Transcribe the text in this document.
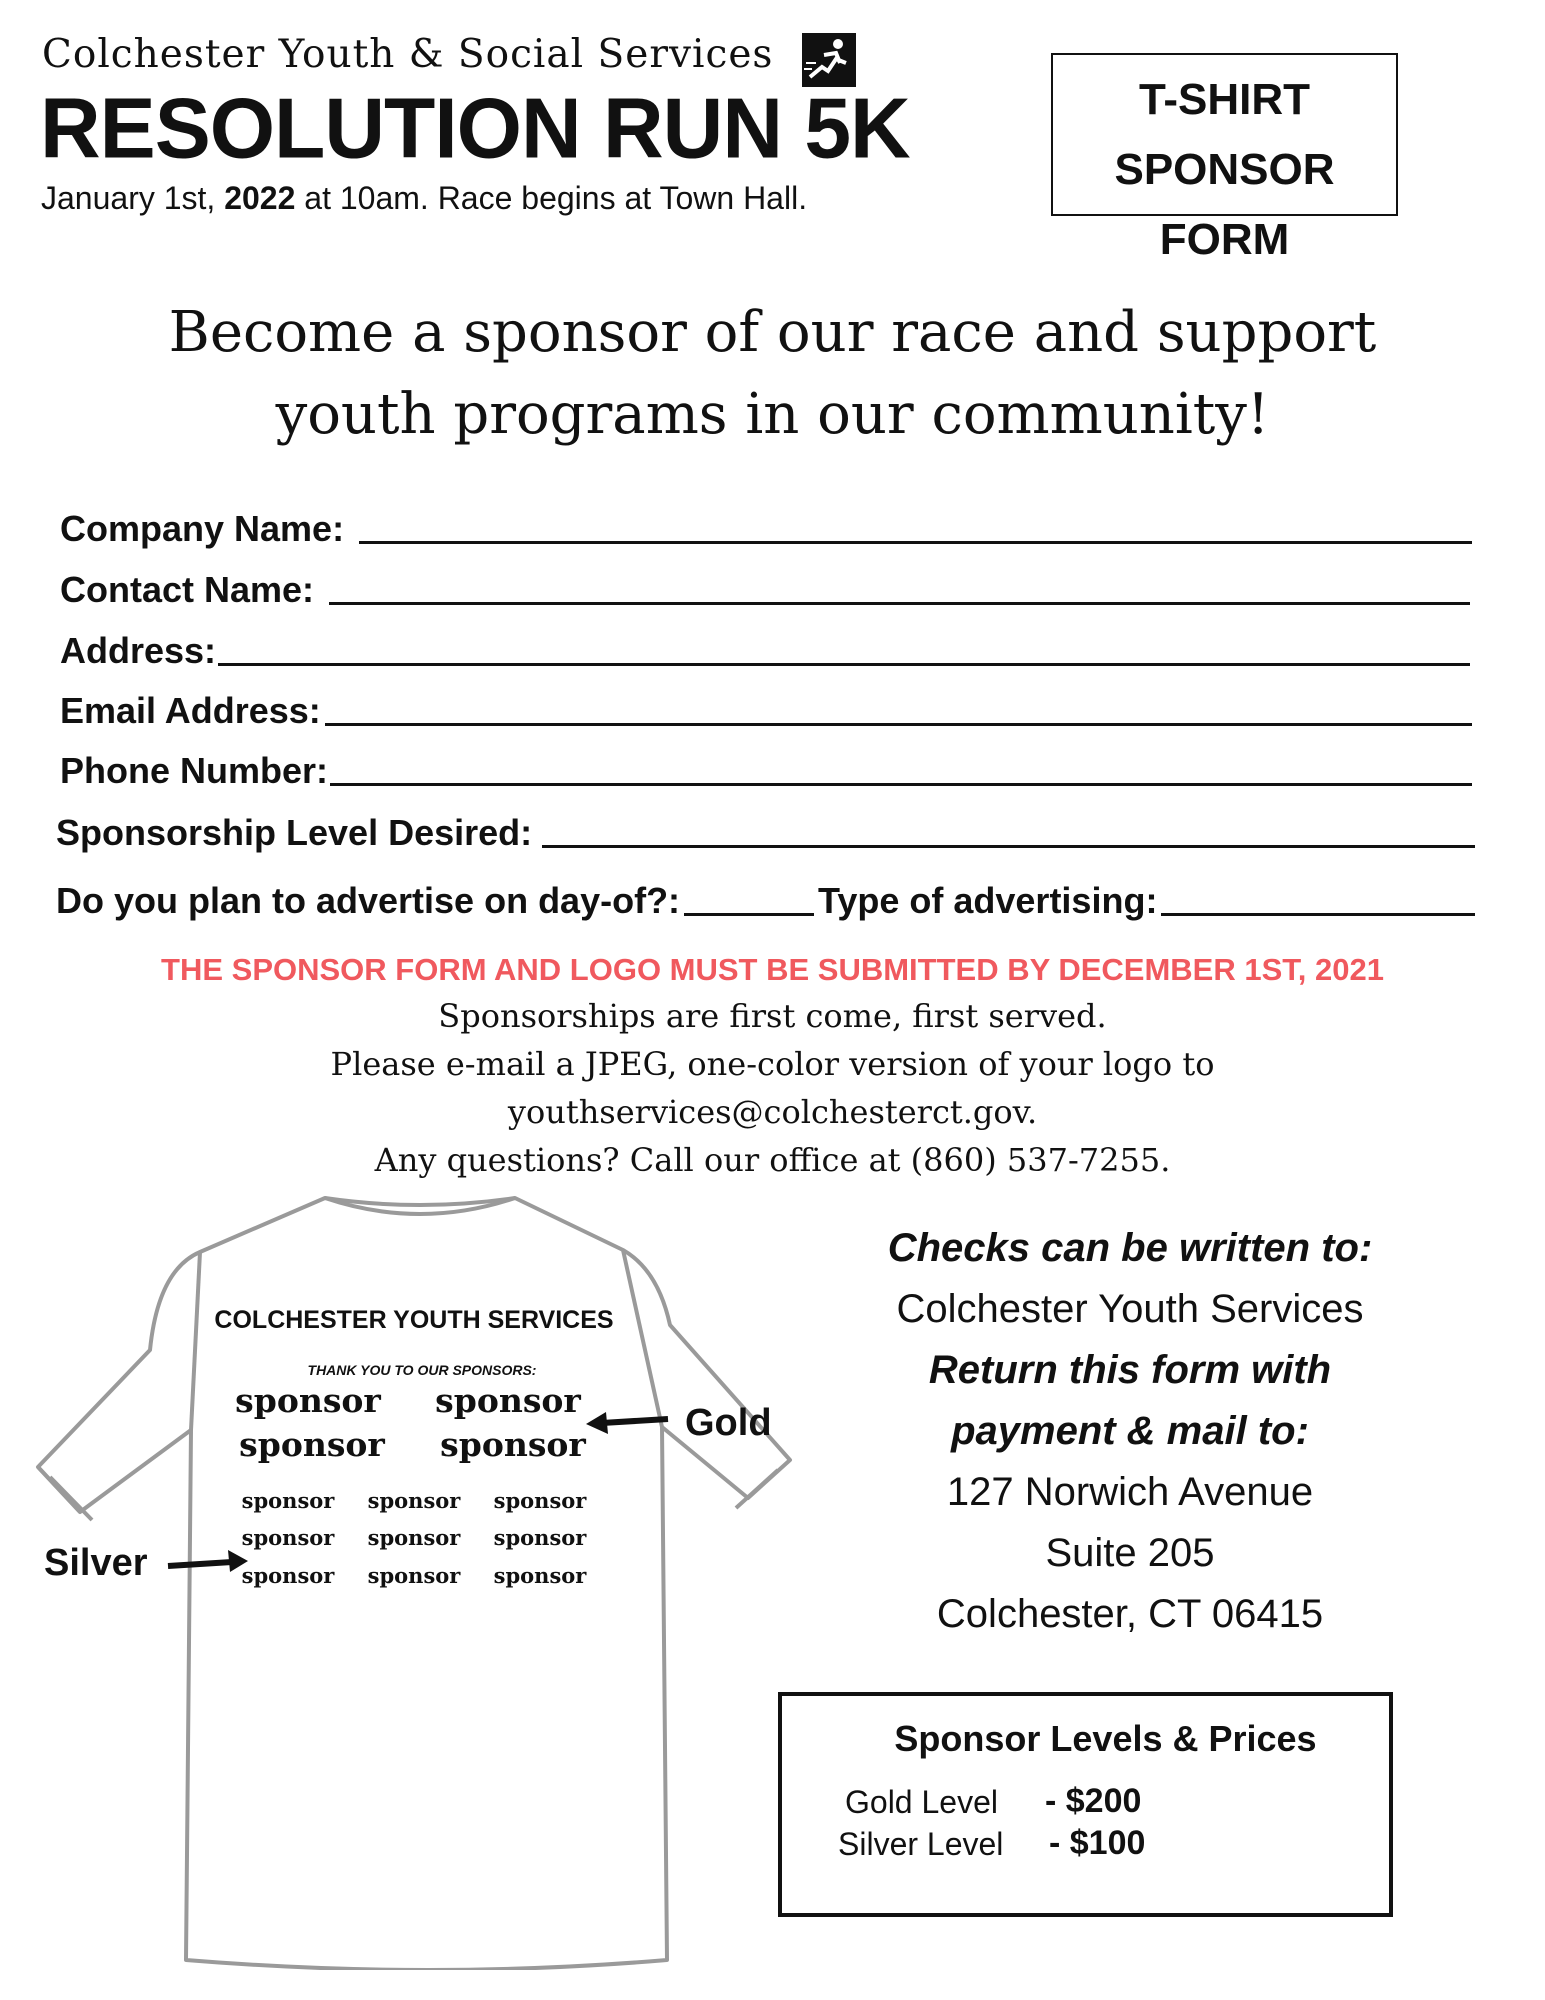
Colchester Youth & Social Services
RESOLUTION RUN 5K
January 1st, 2022 at 10am. Race begins at Town Hall.
T-SHIRT
SPONSOR FORM
Become a sponsor of our race and support
youth programs in our community!
Company Name:
Contact Name:
Address:
Email Address:
Phone Number:
Sponsorship Level Desired:
Do you plan to advertise on day-of?:	Type of advertising:
THE SPONSOR FORM AND LOGO MUST BE SUBMITTED BY DECEMBER 1ST, 2021
Sponsorships are first come, first served.
Please e-mail a JPEG, one-color version of your logo to
youthservices@colchesterct.gov.
Any questions? Call our office at (860) 537-7255.
COLCHESTER YOUTH SERVICES
THANK YOU TO OUR SPONSORS:
sponsor sponsor
sponsor sponsor
sponsor sponsor sponsor
sponsor sponsor sponsor
sponsor sponsor sponsor
Gold
Silver
Checks can be written to:
Colchester Youth Services
Return this form with
payment & mail to:
127 Norwich Avenue
Suite 205
Colchester, CT 06415
Sponsor Levels & Prices
Gold Level - $200
Silver Level - $100
